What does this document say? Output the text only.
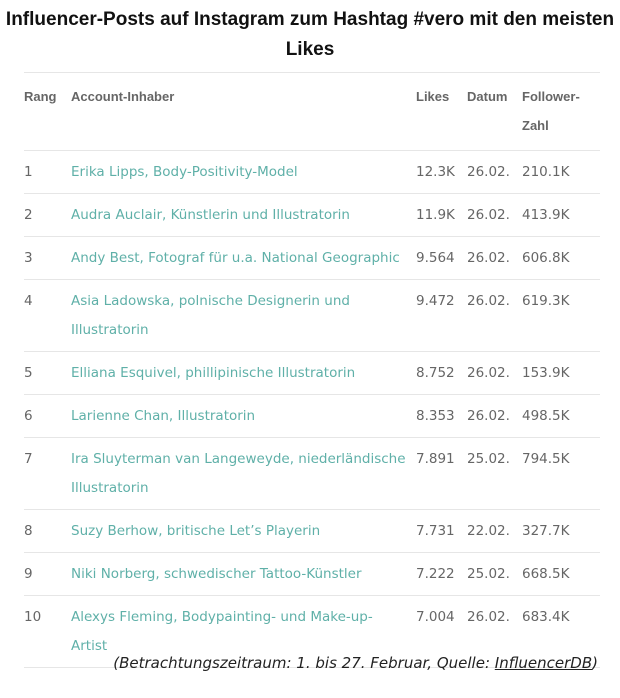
Influencer-Posts auf Instagram zum Hashtag #vero mit den meisten Likes
Rang	Account-Inhaber	Likes	Datum	Follower-Zahl
1	Erika Lipps, Body-Positivity-Model	12.3K	26.02.	210.1K
2	Audra Auclair, Künstlerin und Illustratorin	11.9K	26.02.	413.9K
3	Andy Best, Fotograf für u.a. National Geographic	9.564	26.02.	606.8K
4	Asia Ladowska, polnische Designerin und Illustratorin	9.472	26.02.	619.3K
5	Elliana Esquivel, phillipinische Illustratorin	8.752	26.02.	153.9K
6	Larienne Chan, Illustratorin	8.353	26.02.	498.5K
7	Ira Sluyterman van Langeweyde, niederländische Illustratorin	7.891	25.02.	794.5K
8	Suzy Berhow, britische Let’s Playerin	7.731	22.02.	327.7K
9	Niki Norberg, schwedischer Tattoo-Künstler	7.222	25.02.	668.5K
10	Alexys Fleming, Bodypainting- und Make-up-Artist	7.004	26.02.	683.4K
(Betrachtungszeitraum: 1. bis 27. Februar, Quelle: InfluencerDB)
